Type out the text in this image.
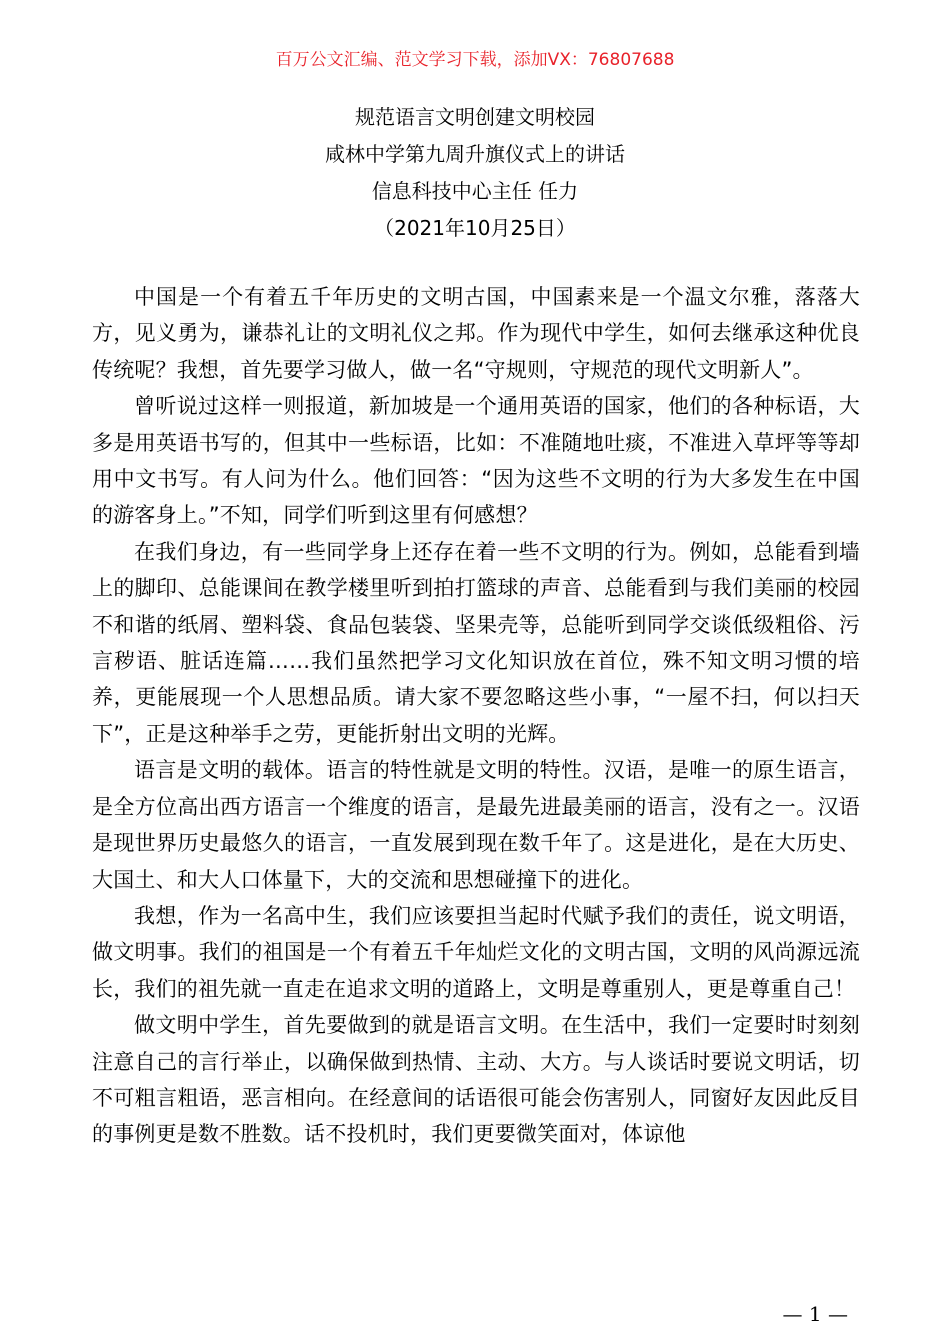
百万公文汇编、范文学习下载，添加VX：76807688
规范语言文明创建文明校园
咸林中学第九周升旗仪式上的讲话
信息科技中心主任 任力
（2021年10月25日）

中国是一个有着五千年历史的文明古国，中国素来是一个温文尔雅，落落大方，见义勇为，谦恭礼让的文明礼仪之邦。作为现代中学生，如何去继承这种优良传统呢？我想，首先要学习做人，做一名“守规则，守规范的现代文明新人”。

曾听说过这样一则报道，新加坡是一个通用英语的国家，他们的各种标语，大多是用英语书写的，但其中一些标语，比如：不准随地吐痰，不准进入草坪等等却用中文书写。有人问为什么。他们回答：“因为这些不文明的行为大多发生在中国的游客身上。”不知，同学们听到这里有何感想？

在我们身边，有一些同学身上还存在着一些不文明的行为。例如，总能看到墙上的脚印、总能课间在教学楼里听到拍打篮球的声音、总能看到与我们美丽的校园不和谐的纸屑、塑料袋、食品包装袋、坚果壳等，总能听到同学交谈低级粗俗、污言秽语、脏话连篇……我们虽然把学习文化知识放在首位，殊不知文明习惯的培养，更能展现一个人思想品质。请大家不要忽略这些小事，“一屋不扫，何以扫天下”，正是这种举手之劳，更能折射出文明的光辉。

语言是文明的载体。语言的特性就是文明的特性。汉语，是唯一的原生语言，是全方位高出西方语言一个维度的语言，是最先进最美丽的语言，没有之一。汉语是现世界历史最悠久的语言，一直发展到现在数千年了。这是进化，是在大历史、大国土、和大人口体量下，大的交流和思想碰撞下的进化。

我想，作为一名高中生，我们应该要担当起时代赋予我们的责任，说文明语，做文明事。我们的祖国是一个有着五千年灿烂文化的文明古国，文明的风尚源远流长，我们的祖先就一直走在追求文明的道路上，文明是尊重别人，更是尊重自己！

做文明中学生，首先要做到的就是语言文明。在生活中，我们一定要时时刻刻注意自己的言行举止，以确保做到热情、主动、大方。与人谈话时要说文明话，切不可粗言粗语，恶言相向。在经意间的话语很可能会伤害别人，同窗好友因此反目的事例更是数不胜数。话不投机时，我们更要微笑面对，体谅他

— 1 —
